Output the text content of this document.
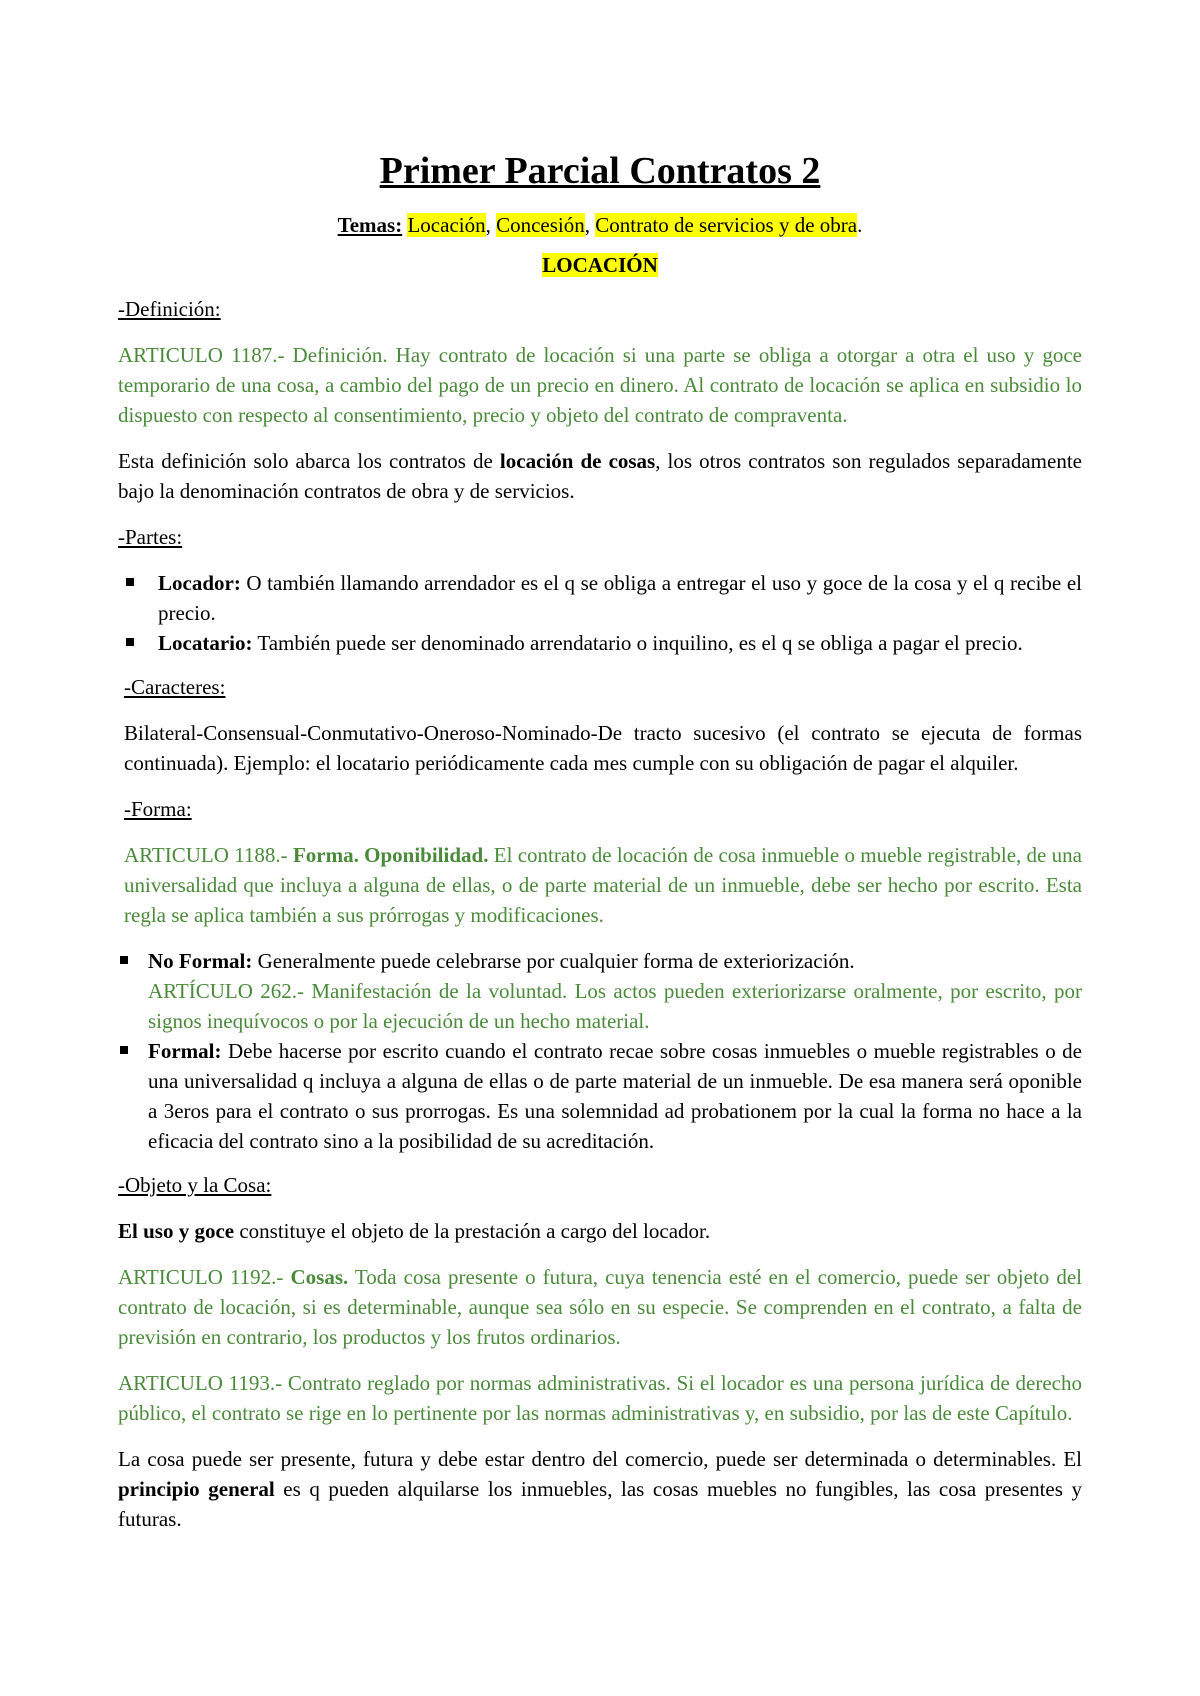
Primer Parcial Contratos 2
Temas: Locación, Concesión, Contrato de servicios y de obra.
LOCACIÓN

-Definición:

ARTICULO 1187.- Definición. Hay contrato de locación si una parte se obliga a otorgar a otra el uso y goce temporario de una cosa, a cambio del pago de un precio en dinero. Al contrato de locación se aplica en subsidio lo dispuesto con respecto al consentimiento, precio y objeto del contrato de compraventa.

Esta definición solo abarca los contratos de locación de cosas, los otros contratos son regulados separadamente bajo la denominación contratos de obra y de servicios.

-Partes:

Locador: O también llamando arrendador es el q se obliga a entregar el uso y goce de la cosa y el q recibe el precio.
Locatario: También puede ser denominado arrendatario o inquilino, es el q se obliga a pagar el precio.

-Caracteres:

Bilateral-Consensual-Conmutativo-Oneroso-Nominado-De tracto sucesivo (el contrato se ejecuta de formas continuada). Ejemplo: el locatario periódicamente cada mes cumple con su obligación de pagar el alquiler.

-Forma:

ARTICULO 1188.- Forma. Oponibilidad. El contrato de locación de cosa inmueble o mueble registrable, de una universalidad que incluya a alguna de ellas, o de parte material de un inmueble, debe ser hecho por escrito. Esta regla se aplica también a sus prórrogas y modificaciones.

No Formal: Generalmente puede celebrarse por cualquier forma de exteriorización.
ARTÍCULO 262.- Manifestación de la voluntad. Los actos pueden exteriorizarse oralmente, por escrito, por signos inequívocos o por la ejecución de un hecho material.
Formal: Debe hacerse por escrito cuando el contrato recae sobre cosas inmuebles o mueble registrables o de una universalidad q incluya a alguna de ellas o de parte material de un inmueble. De esa manera será oponible a 3eros para el contrato o sus prorrogas. Es una solemnidad ad probationem por la cual la forma no hace a la eficacia del contrato sino a la posibilidad de su acreditación.

-Objeto y la Cosa:

El uso y goce constituye el objeto de la prestación a cargo del locador.

ARTICULO 1192.- Cosas. Toda cosa presente o futura, cuya tenencia esté en el comercio, puede ser objeto del contrato de locación, si es determinable, aunque sea sólo en su especie. Se comprenden en el contrato, a falta de previsión en contrario, los productos y los frutos ordinarios.

ARTICULO 1193.- Contrato reglado por normas administrativas. Si el locador es una persona jurídica de derecho público, el contrato se rige en lo pertinente por las normas administrativas y, en subsidio, por las de este Capítulo.

La cosa puede ser presente, futura y debe estar dentro del comercio, puede ser determinada o determinables. El principio general es q pueden alquilarse los inmuebles, las cosas muebles no fungibles, las cosa presentes y futuras.
